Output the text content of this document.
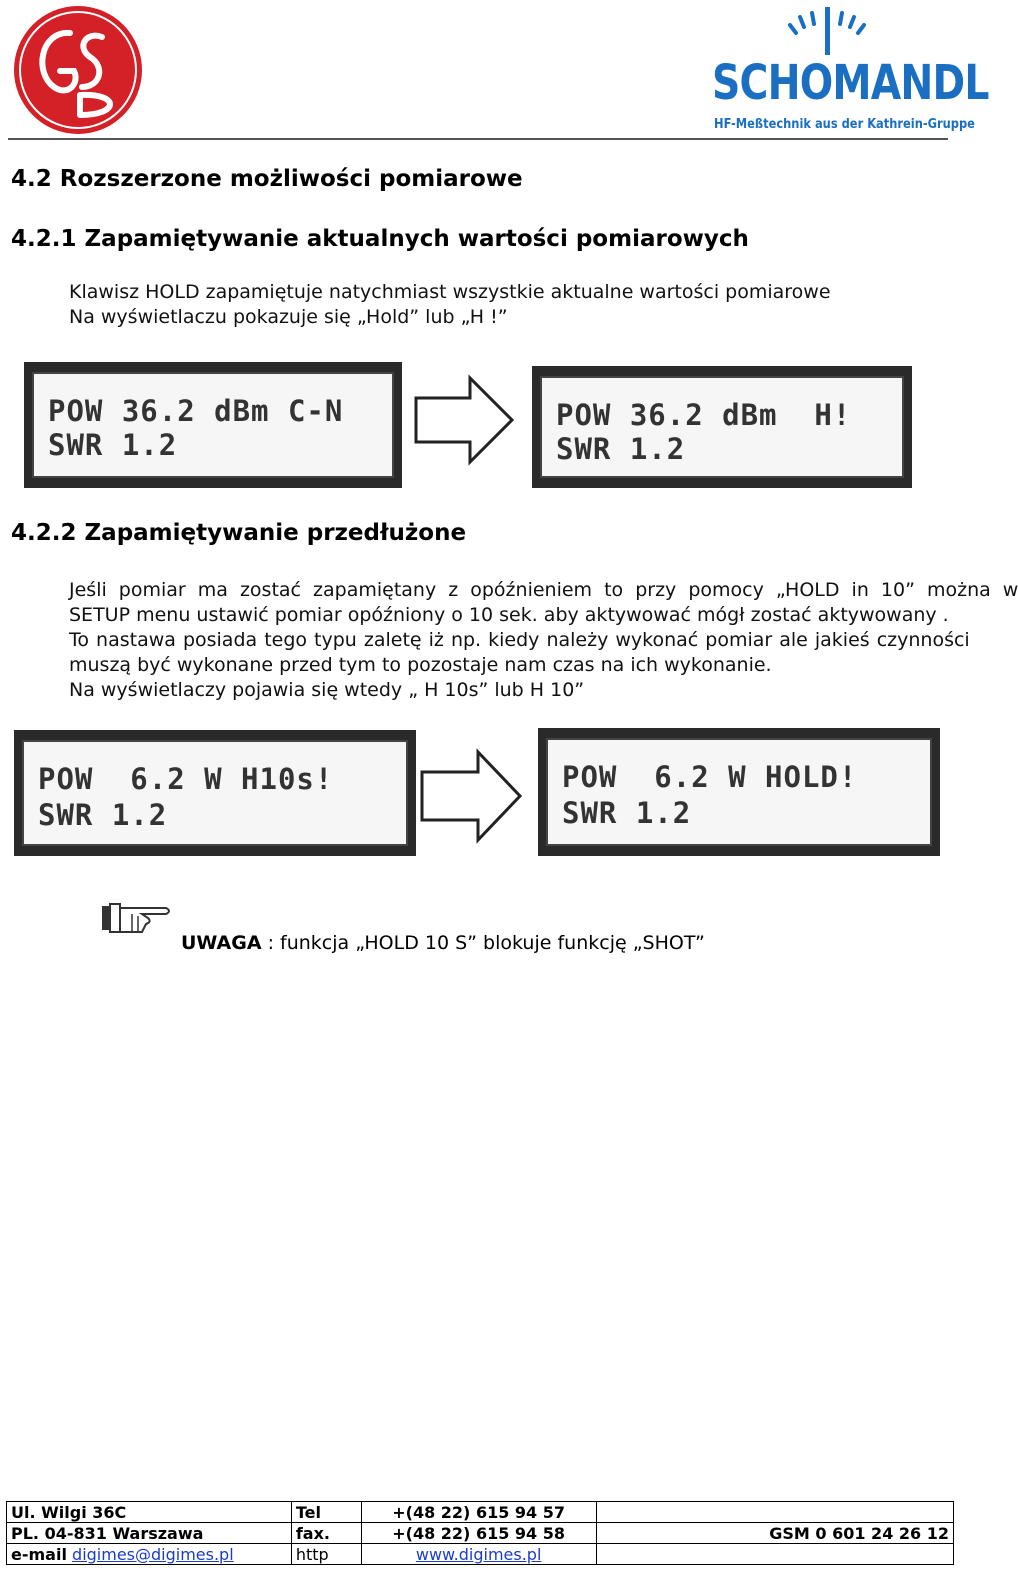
SCHOMANDL
HF-Meßtechnik aus der Kathrein-Gruppe
4.2 Rozszerzone możliwości pomiarowe
4.2.1 Zapamiętywanie aktualnych wartości pomiarowych

Klawisz HOLD zapamiętuje natychmiast wszystkie aktualne wartości pomiarowe

Na wyświetlaczu pokazuje się „Hold” lub „H !”

POW 36.2 dBm C-N
SWR 1.2
POW 36.2 dBm  H!
SWR 1.2
4.2.2 Zapamiętywanie przedłużone

Jeśli pomiar ma zostać zapamiętany z opóźnieniem to przy pomocy „HOLD in 10” można w

SETUP menu ustawić pomiar opóźniony o 10 sek. aby aktywować mógł zostać aktywowany .

To nastawa posiada tego typu zaletę iż np. kiedy należy wykonać pomiar ale jakieś czynności

muszą być wykonane przed tym to pozostaje nam czas na ich wykonanie.

Na wyświetlaczy pojawia się wtedy „ H 10s” lub H 10”

POW  6.2 W H10s!
SWR 1.2
POW  6.2 W HOLD!
SWR 1.2
UWAGA : funkcja „HOLD 10 S” blokuje funkcję „SHOT”
Ul. Wilgi 36C	Tel	+(48 22) 615 94 57	
PL. 04-831 Warszawa	fax.	+(48 22) 615 94 58	GSM 0 601 24 26 12
e-mail digimes@digimes.pl	http	www.digimes.pl	
